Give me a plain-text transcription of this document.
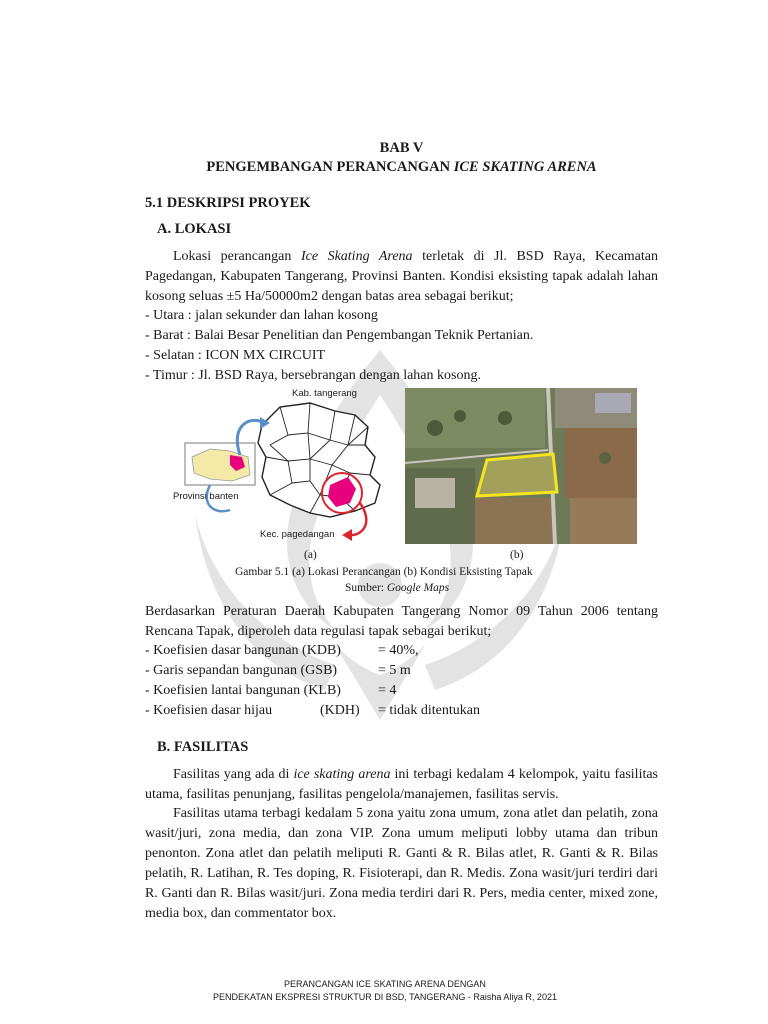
BAB V
PENGEMBANGAN PERANCANGAN ICE SKATING ARENA
5.1 DESKRIPSI PROYEK
A. LOKASI
Lokasi perancangan Ice Skating Arena terletak di Jl. BSD Raya, Kecamatan Pagedangan, Kabupaten Tangerang, Provinsi Banten. Kondisi eksisting tapak adalah lahan kosong seluas ±5 Ha/50000m2 dengan batas area sebagai berikut;
- Utara : jalan sekunder dan lahan kosong
- Barat : Balai Besar Penelitian dan Pengembangan Teknik Pertanian.
- Selatan : ICON MX CIRCUIT
- Timur : Jl. BSD Raya, bersebrangan dengan lahan kosong.
Kab. tangerang
Provinsi banten
Kec. pagedangan
(a)	(b)
Gambar 5.1 (a) Lokasi Perancangan (b) Kondisi Eksisting Tapak
Sumber: Google Maps
Berdasarkan Peraturan Daerah Kabupaten Tangerang Nomor 09 Tahun 2006 tentang Rencana Tapak, diperoleh data regulasi tapak sebagai berikut;
- Koefisien dasar bangunan (KDB)	= 40%,
- Garis sepandan bangunan (GSB)	= 5 m
- Koefisien lantai bangunan (KLB)	= 4
- Koefisien dasar hijau (KDH)	= tidak ditentukan
B. FASILITAS
Fasilitas yang ada di ice skating arena ini terbagi kedalam 4 kelompok, yaitu fasilitas utama, fasilitas penunjang, fasilitas pengelola/manajemen, fasilitas servis.
Fasilitas utama terbagi kedalam 5 zona yaitu zona umum, zona atlet dan pelatih, zona wasit/juri, zona media, dan zona VIP. Zona umum meliputi lobby utama dan tribun penonton. Zona atlet dan pelatih meliputi R. Ganti & R. Bilas atlet, R. Ganti & R. Bilas pelatih, R. Latihan, R. Tes doping, R. Fisioterapi, dan R. Medis. Zona wasit/juri terdiri dari R. Ganti dan R. Bilas wasit/juri. Zona media terdiri dari R. Pers, media center, mixed zone, media box, dan commentator box.
PERANCANGAN ICE SKATING ARENA DENGAN
PENDEKATAN EKSPRESI STRUKTUR DI BSD, TANGERANG - Raisha Aliya R, 2021
